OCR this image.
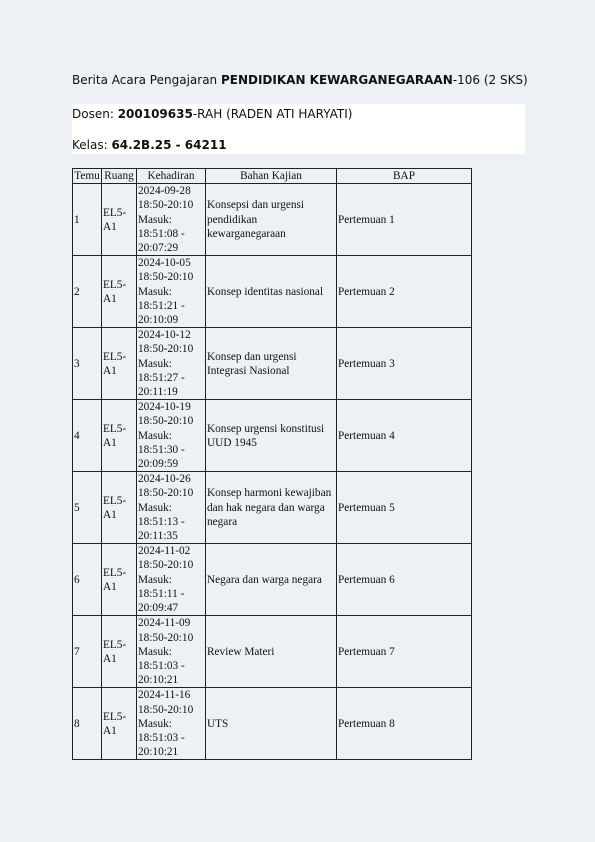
Berita Acara Pengajaran PENDIDIKAN KEWARGANEGARAAN-106 (2 SKS)
Dosen: 200109635-RAH (RADEN ATI HARYATI)
Kelas: 64.2B.25 - 64211
Temu	Ruang	Kehadiran	Bahan Kajian	BAP
1	EL5-A1	2024-09-28
18:50-20:10
Masuk:
18:51:08 - 20:07:29	Konsepsi dan urgensi pendidikan kewarganegaraan	Pertemuan 1
2	EL5-A1	2024-10-05
18:50-20:10
Masuk:
18:51:21 - 20:10:09	Konsep identitas nasional	Pertemuan 2
3	EL5-A1	2024-10-12
18:50-20:10
Masuk:
18:51:27 - 20:11:19	Konsep dan urgensi Integrasi Nasional	Pertemuan 3
4	EL5-A1	2024-10-19
18:50-20:10
Masuk:
18:51:30 - 20:09:59	Konsep urgensi konstitusi UUD 1945	Pertemuan 4
5	EL5-A1	2024-10-26
18:50-20:10
Masuk:
18:51:13 - 20:11:35	Konsep harmoni kewajiban dan hak negara dan warga negara	Pertemuan 5
6	EL5-A1	2024-11-02
18:50-20:10
Masuk:
18:51:11 - 20:09:47	Negara dan warga negara	Pertemuan 6
7	EL5-A1	2024-11-09
18:50-20:10
Masuk:
18:51:03 - 20:10:21	Review Materi	Pertemuan 7
8	EL5-A1	2024-11-16
18:50-20:10
Masuk:
18:51:03 - 20:10:21	UTS	Pertemuan 8
